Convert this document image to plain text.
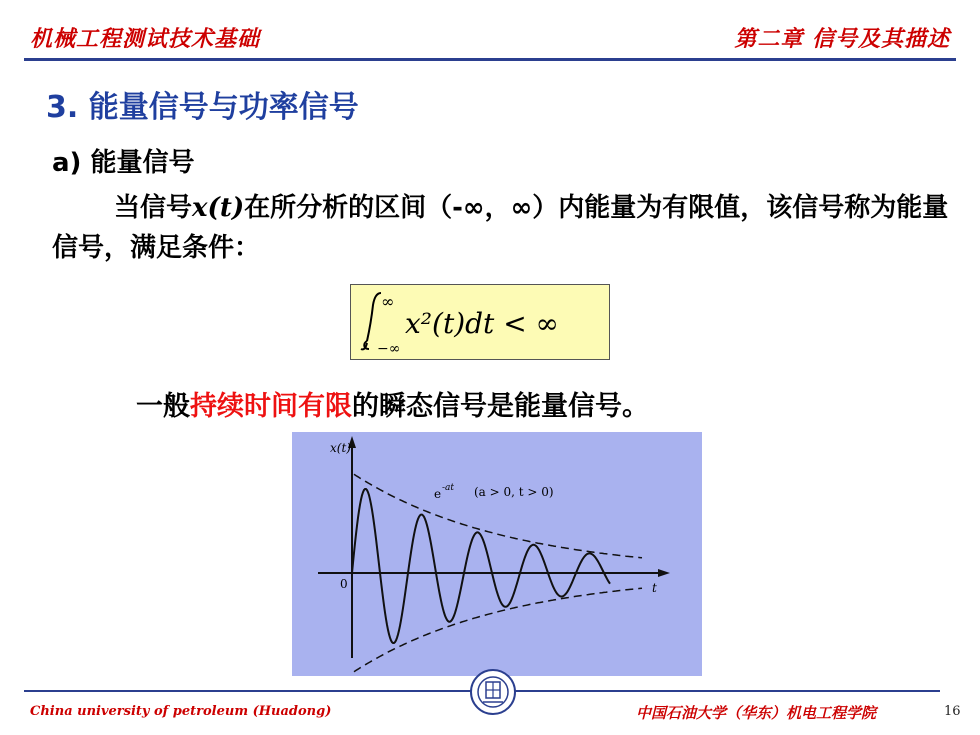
机械工程测试技术基础	第二章 信号及其描述
3. 能量信号与功率信号
a) 能量信号
当信号x(t)在所分析的区间（-∞，∞）内能量为有限值，该信号称为能量信号，满足条件：
∞
−∞
x²(t)dt < ∞
一般持续时间有限的瞬态信号是能量信号。
x(t)
t
0
e -at (a > 0, t > 0)
China university of petroleum (Huadong)	中国石油大学（华东）机电工程学院	16
